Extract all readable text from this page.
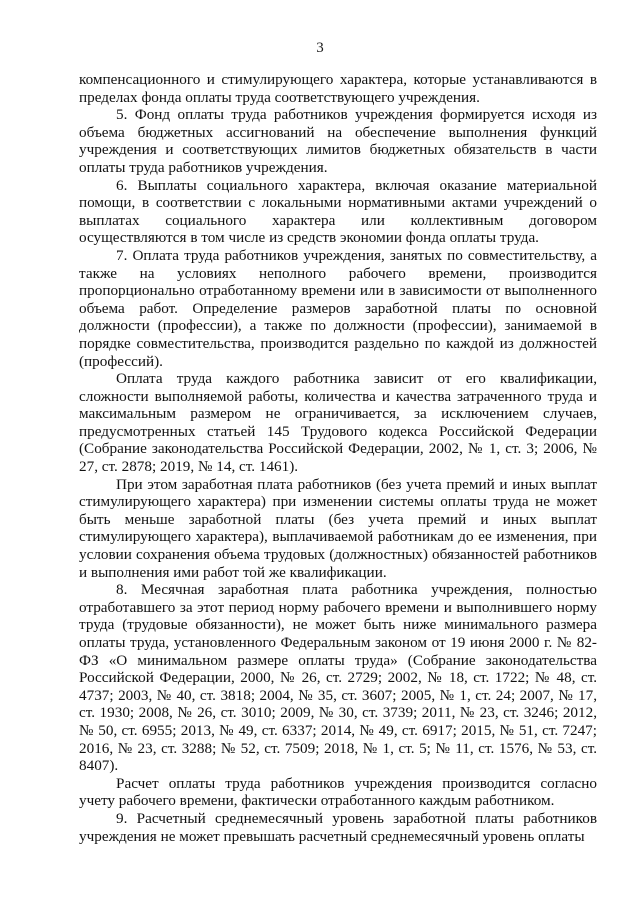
3

компенсационного и стимулирующего характера, которые устанавливаются в пределах фонда оплаты труда соответствующего учреждения.

5. Фонд оплаты труда работников учреждения формируется исходя из объема бюджетных ассигнований на обеспечение выполнения функций учреждения и соответствующих лимитов бюджетных обязательств в части оплаты труда работников учреждения.

6. Выплаты социального характера, включая оказание материальной помощи, в соответствии с локальными нормативными актами учреждений о выплатах социального характера или коллективным договором осуществляются в том числе из средств экономии фонда оплаты труда.

7. Оплата труда работников учреждения, занятых по совместительству, а также на условиях неполного рабочего времени, производится пропорционально отработанному времени или в зависимости от выполненного объема работ. Определение размеров заработной платы по основной должности (профессии), а также по должности (профессии), занимаемой в порядке совместительства, производится раздельно по каждой из должностей (профессий).

Оплата труда каждого работника зависит от его квалификации, сложности выполняемой работы, количества и качества затраченного труда и максимальным размером не ограничивается, за исключением случаев, предусмотренных статьей 145 Трудового кодекса Российской Федерации (Собрание законодательства Российской Федерации, 2002, № 1, ст. 3; 2006, № 27, ст. 2878; 2019, № 14, ст. 1461).

При этом заработная плата работников (без учета премий и иных выплат стимулирующего характера) при изменении системы оплаты труда не может быть меньше заработной платы (без учета премий и иных выплат стимулирующего характера), выплачиваемой работникам до ее изменения, при условии сохранения объема трудовых (должностных) обязанностей работников и выполнения ими работ той же квалификации.

8. Месячная заработная плата работника учреждения, полностью отработавшего за этот период норму рабочего времени и выполнившего норму труда (трудовые обязанности), не может быть ниже минимального размера оплаты труда, установленного Федеральным законом от 19 июня 2000 г. № 82-ФЗ «О минимальном размере оплаты труда» (Собрание законодательства Российской Федерации, 2000, № 26, ст. 2729; 2002, № 18, ст. 1722; № 48, ст. 4737; 2003, № 40, ст. 3818; 2004, № 35, ст. 3607; 2005, № 1, ст. 24; 2007, № 17, ст. 1930; 2008, № 26, ст. 3010; 2009, № 30, ст. 3739; 2011, № 23, ст. 3246; 2012, № 50, ст. 6955; 2013, № 49, ст. 6337; 2014, № 49, ст. 6917; 2015, № 51, ст. 7247; 2016, № 23, ст. 3288; № 52, ст. 7509; 2018, № 1, ст. 5; № 11, ст. 1576, № 53, ст. 8407).

Расчет оплаты труда работников учреждения производится согласно учету рабочего времени, фактически отработанного каждым работником.

9. Расчетный среднемесячный уровень заработной платы работников учреждения не может превышать расчетный среднемесячный уровень оплаты
